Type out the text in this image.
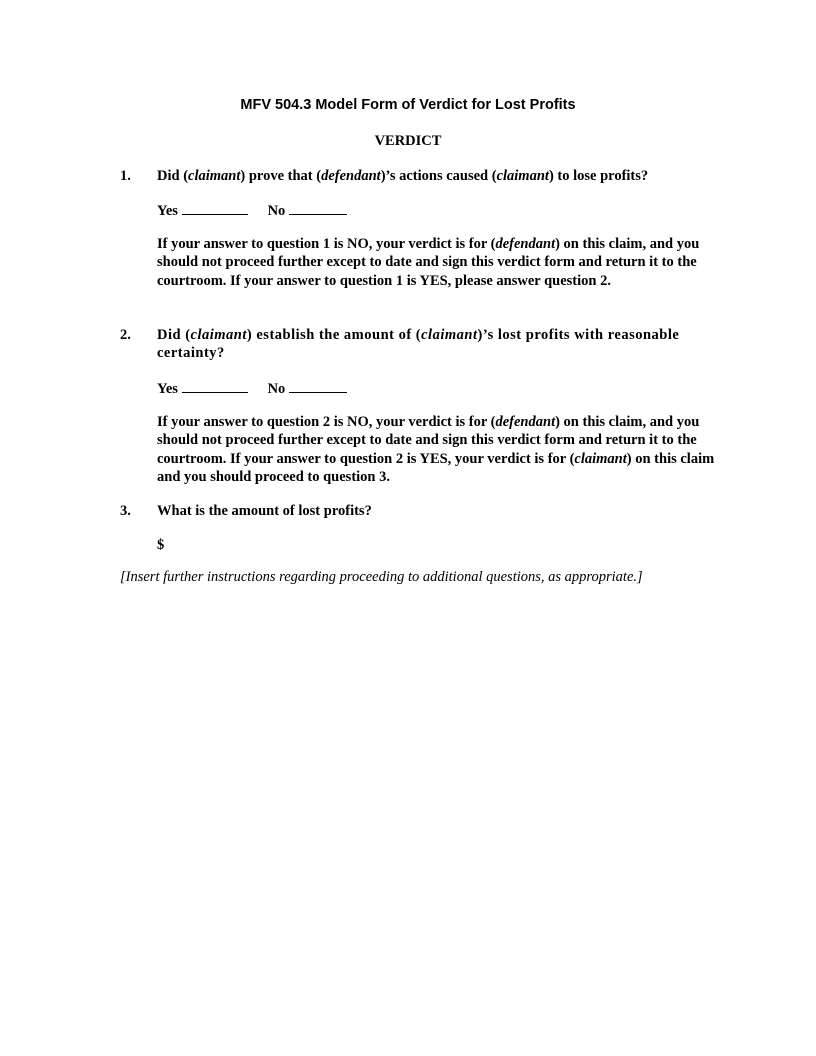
MFV 504.3 Model Form of Verdict for Lost Profits
VERDICT
1. Did (claimant) prove that (defendant)’s actions caused (claimant) to lose profits?
Yes	No
If your answer to question 1 is NO, your verdict is for (defendant) on this claim, and you should not proceed further except to date and sign this verdict form and return it to the courtroom. If your answer to question 1 is YES, please answer question 2.
2. Did (claimant) establish the amount of (claimant)’s lost profits with reasonable certainty?
Yes	No
If your answer to question 2 is NO, your verdict is for (defendant) on this claim, and you should not proceed further except to date and sign this verdict form and return it to the courtroom. If your answer to question 2 is YES, your verdict is for (claimant) on this claim and you should proceed to question 3.
3. What is the amount of lost profits?
$
[Insert further instructions regarding proceeding to additional questions, as appropriate.]
